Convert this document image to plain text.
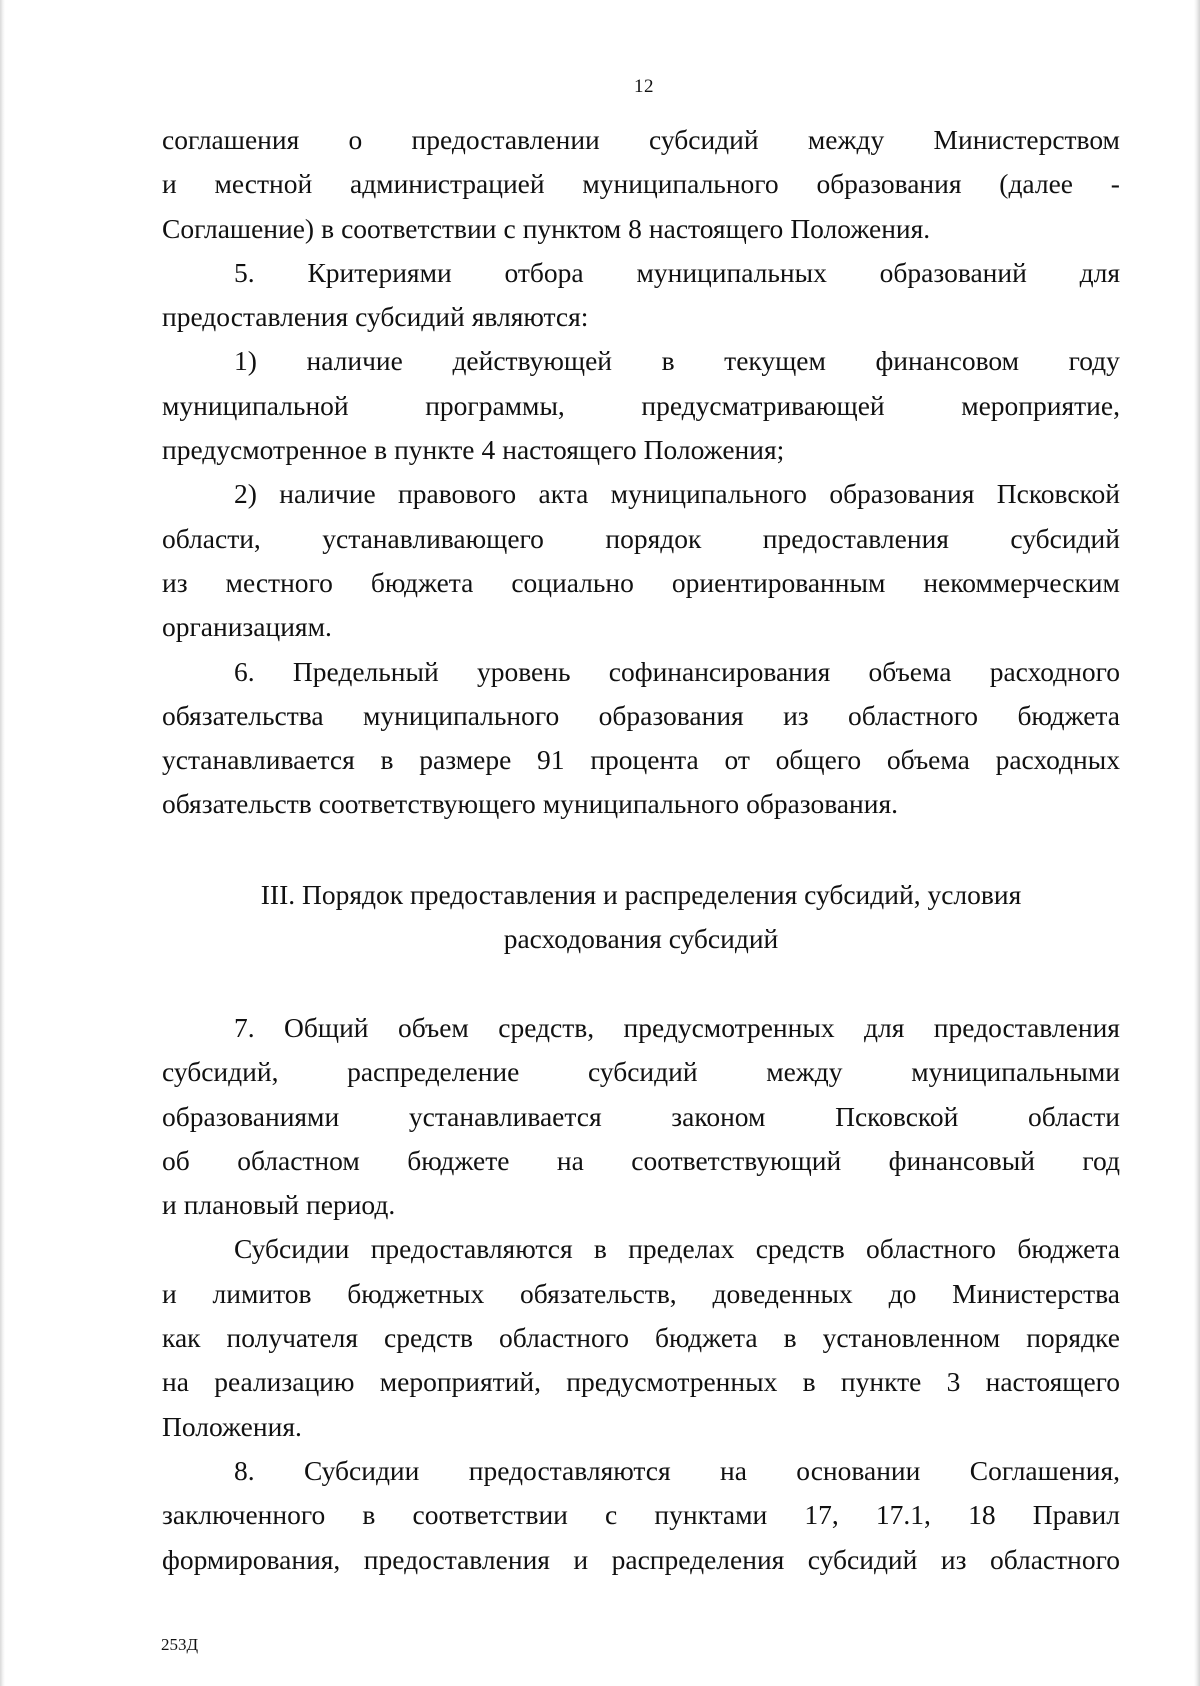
12
соглашения о предоставлении субсидий между Министерством
и местной администрацией муниципального образования (далее -
Соглашение) в соответствии с пунктом 8 настоящего Положения.
5. Критериями отбора муниципальных образований для
предоставления субсидий являются:
1) наличие действующей в текущем финансовом году
муниципальной	программы,	предусматривающей	мероприятие,
предусмотренное в пункте 4 настоящего Положения;
2) наличие правового акта муниципального образования Псковской
области, устанавливающего порядок предоставления субсидий
из местного бюджета социально ориентированным некоммерческим
организациям.
6. Предельный уровень софинансирования объема расходного
обязательства муниципального образования из областного бюджета
устанавливается в размере 91 процента от общего объема расходных
обязательств соответствующего муниципального образования.
III. Порядок предоставления и распределения субсидий, условия
расходования субсидий
7. Общий объем средств, предусмотренных для предоставления
субсидий, распределение субсидий между муниципальными
образованиями	устанавливается	законом	Псковской	области
об областном бюджете на соответствующий финансовый год
и плановый период.
Субсидии предоставляются в пределах средств областного бюджета
и лимитов бюджетных обязательств, доведенных до Министерства
как получателя средств областного бюджета в установленном порядке
на реализацию мероприятий, предусмотренных в пункте 3 настоящего
Положения.
8. Субсидии предоставляются на основании Соглашения,
заключенного в соответствии с пунктами 17, 17.1, 18 Правил
формирования, предоставления и распределения субсидий из областного
253Д
